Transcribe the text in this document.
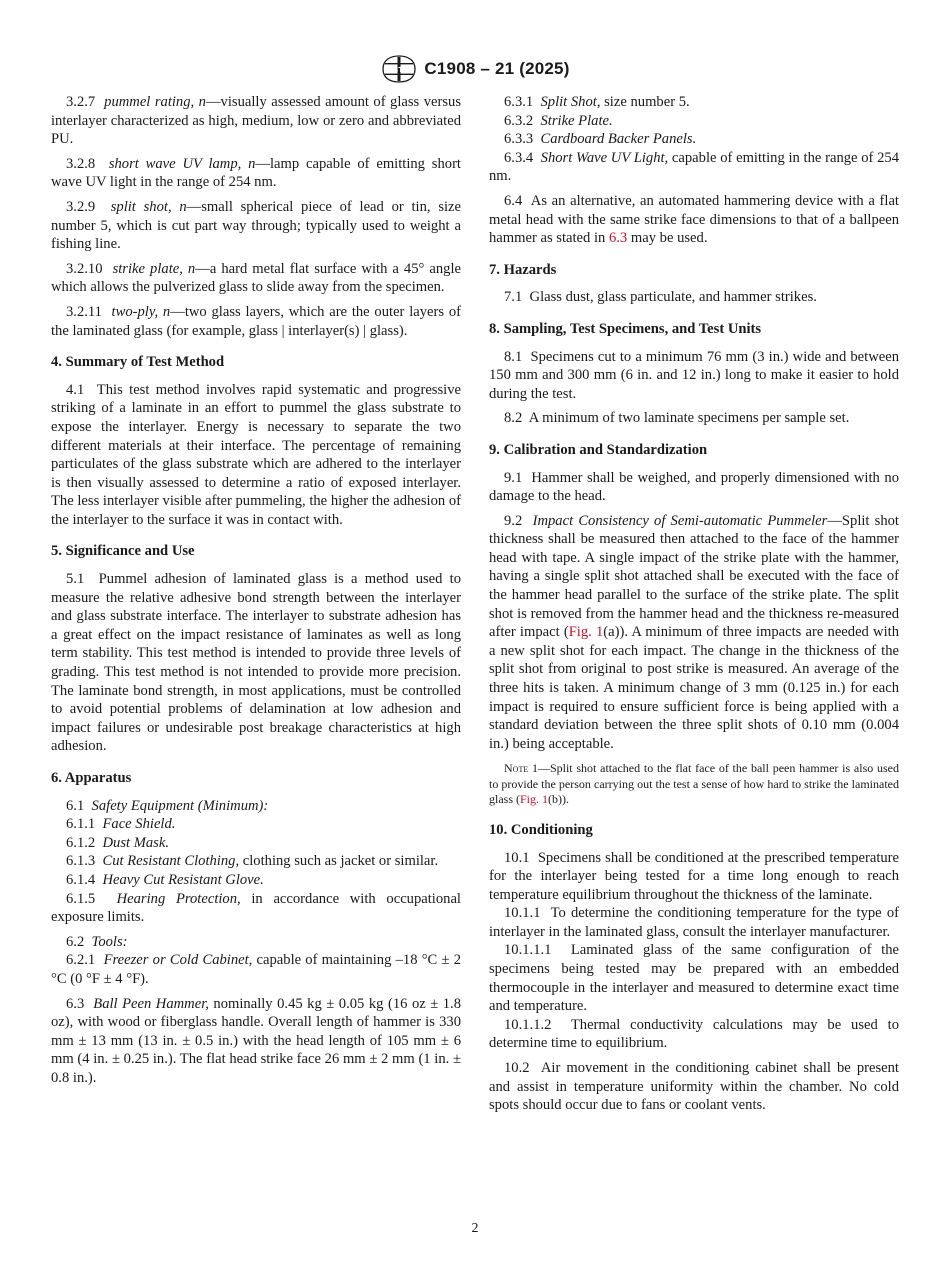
ASTM C1908 – 21 (2025)

3.2.7 pummel rating, n—visually assessed amount of glass versus interlayer characterized as high, medium, low or zero and abbreviated PU.

3.2.8 short wave UV lamp, n—lamp capable of emitting short wave UV light in the range of 254 nm.

3.2.9 split shot, n—small spherical piece of lead or tin, size number 5, which is cut part way through; typically used to weight a fishing line.

3.2.10 strike plate, n—a hard metal flat surface with a 45° angle which allows the pulverized glass to slide away from the specimen.

3.2.11 two-ply, n—two glass layers, which are the outer layers of the laminated glass (for example, glass | interlayer(s) | glass).

4. Summary of Test Method

4.1 This test method involves rapid systematic and progressive striking of a laminate in an effort to pummel the glass substrate to expose the interlayer. Energy is necessary to separate the two different materials at their interface. The percentage of remaining particulates of the glass substrate which are adhered to the interlayer is then visually assessed to determine a ratio of exposed interlayer. The less interlayer visible after pummeling, the higher the adhesion of the interlayer to the surface it was in contact with.

5. Significance and Use

5.1 Pummel adhesion of laminated glass is a method used to measure the relative adhesive bond strength between the interlayer and glass substrate interface. The interlayer to substrate adhesion has a great effect on the impact resistance of laminates as well as long term stability. This test method is intended to provide three levels of grading. This test method is not intended to provide more precision. The laminate bond strength, in most applications, must be controlled to avoid potential problems of delamination at low adhesion and impact failures or undesirable post breakage characteristics at high adhesion.

6. Apparatus

6.1 Safety Equipment (Minimum):

6.1.1 Face Shield.

6.1.2 Dust Mask.

6.1.3 Cut Resistant Clothing, clothing such as jacket or similar.

6.1.4 Heavy Cut Resistant Glove.

6.1.5 Hearing Protection, in accordance with occupational exposure limits.

6.2 Tools:

6.2.1 Freezer or Cold Cabinet, capable of maintaining –18 °C ± 2 °C (0 °F ± 4 °F).

6.3 Ball Peen Hammer, nominally 0.45 kg ± 0.05 kg (16 oz ± 1.8 oz), with wood or fiberglass handle. Overall length of hammer is 330 mm ± 13 mm (13 in. ± 0.5 in.) with the head length of 105 mm ± 6 mm (4 in. ± 0.25 in.). The flat head strike face 26 mm ± 2 mm (1 in. ± 0.8 in.).

6.3.1 Split Shot, size number 5.

6.3.2 Strike Plate.

6.3.3 Cardboard Backer Panels.

6.3.4 Short Wave UV Light, capable of emitting in the range of 254 nm.

6.4 As an alternative, an automated hammering device with a flat metal head with the same strike face dimensions to that of a ballpeen hammer as stated in 6.3 may be used.

7. Hazards

7.1 Glass dust, glass particulate, and hammer strikes.

8. Sampling, Test Specimens, and Test Units

8.1 Specimens cut to a minimum 76 mm (3 in.) wide and between 150 mm and 300 mm (6 in. and 12 in.) long to make it easier to hold during the test.

8.2 A minimum of two laminate specimens per sample set.

9. Calibration and Standardization

9.1 Hammer shall be weighed, and properly dimensioned with no damage to the head.

9.2 Impact Consistency of Semi-automatic Pummeler—Split shot thickness shall be measured then attached to the face of the hammer head with tape. A single impact of the strike plate with the hammer, having a single split shot attached shall be executed with the face of the hammer head parallel to the surface of the strike plate. The split shot is removed from the hammer head and the thickness re-measured after impact (Fig. 1(a)). A minimum of three impacts are needed with a new split shot for each impact. The change in the thickness of the split shot from original to post strike is measured. An average of the three hits is taken. A minimum change of 3 mm (0.125 in.) for each impact is required to ensure sufficient force is being applied with a standard deviation between the three split shots of 0.10 mm (0.004 in.) being acceptable.

Note 1—Split shot attached to the flat face of the ball peen hammer is also used to provide the person carrying out the test a sense of how hard to strike the laminated glass (Fig. 1(b)).

10. Conditioning

10.1 Specimens shall be conditioned at the prescribed temperature for the interlayer being tested for a time long enough to reach temperature equilibrium throughout the thickness of the laminate.

10.1.1 To determine the conditioning temperature for the type of interlayer in the laminated glass, consult the interlayer manufacturer.

10.1.1.1 Laminated glass of the same configuration of the specimens being tested may be prepared with an embedded thermocouple in the interlayer and measured to determine exact time and temperature.

10.1.1.2 Thermal conductivity calculations may be used to determine time to equilibrium.

10.2 Air movement in the conditioning cabinet shall be present and assist in temperature uniformity within the chamber. No cold spots should occur due to fans or coolant vents.

2
